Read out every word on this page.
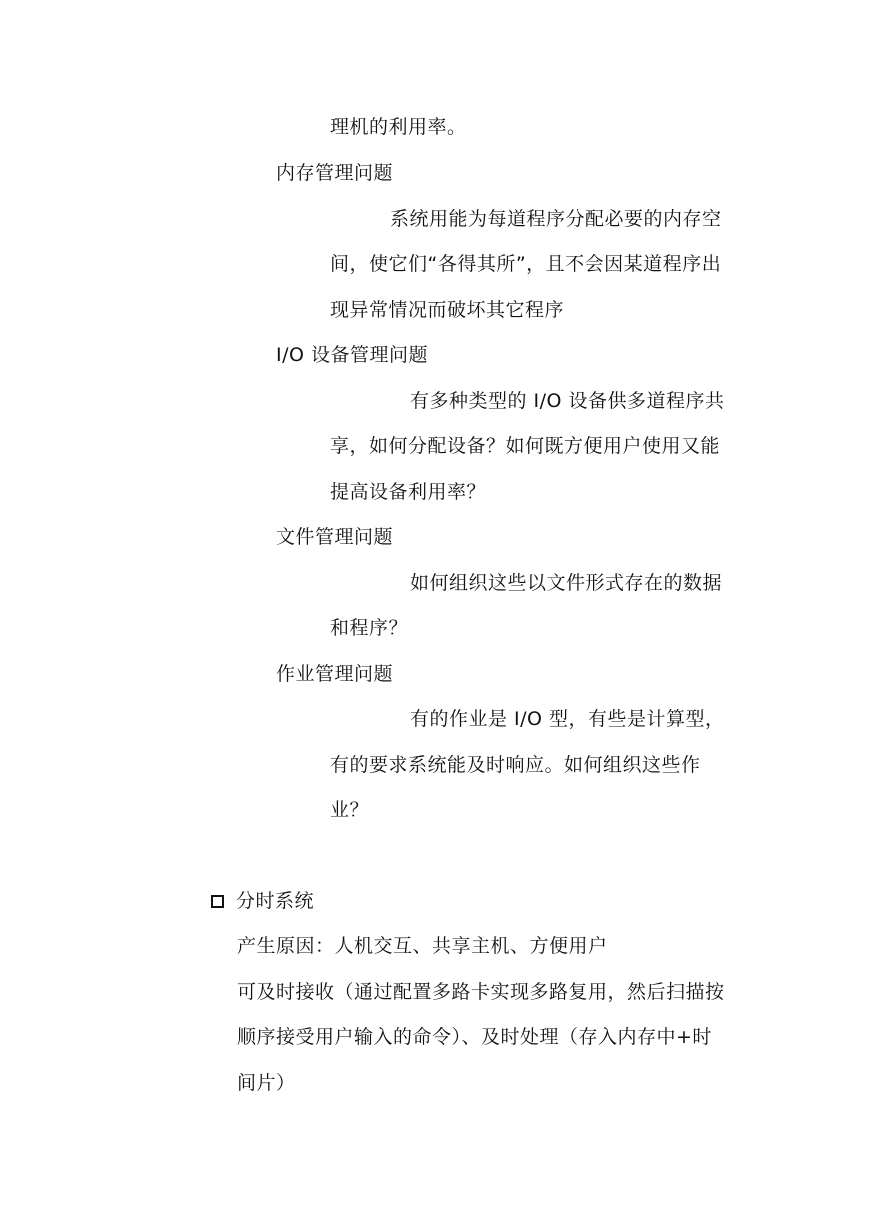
理机的利用率。
内存管理问题
系统用能为每道程序分配必要的内存空
间，使它们“各得其所”，且不会因某道程序出
现异常情况而破坏其它程序
I/O 设备管理问题
有多种类型的 I/O 设备供多道程序共
享，如何分配设备？如何既方便用户使用又能
提高设备利用率？
文件管理问题
如何组织这些以文件形式存在的数据
和程序？
作业管理问题
有的作业是 I/O 型，有些是计算型，
有的要求系统能及时响应。如何组织这些作
业？
分时系统
产生原因：人机交互、共享主机、方便用户
可及时接收（通过配置多路卡实现多路复用，然后扫描按
顺序接受用户输入的命令）、及时处理（存入内存中+时
间片）
